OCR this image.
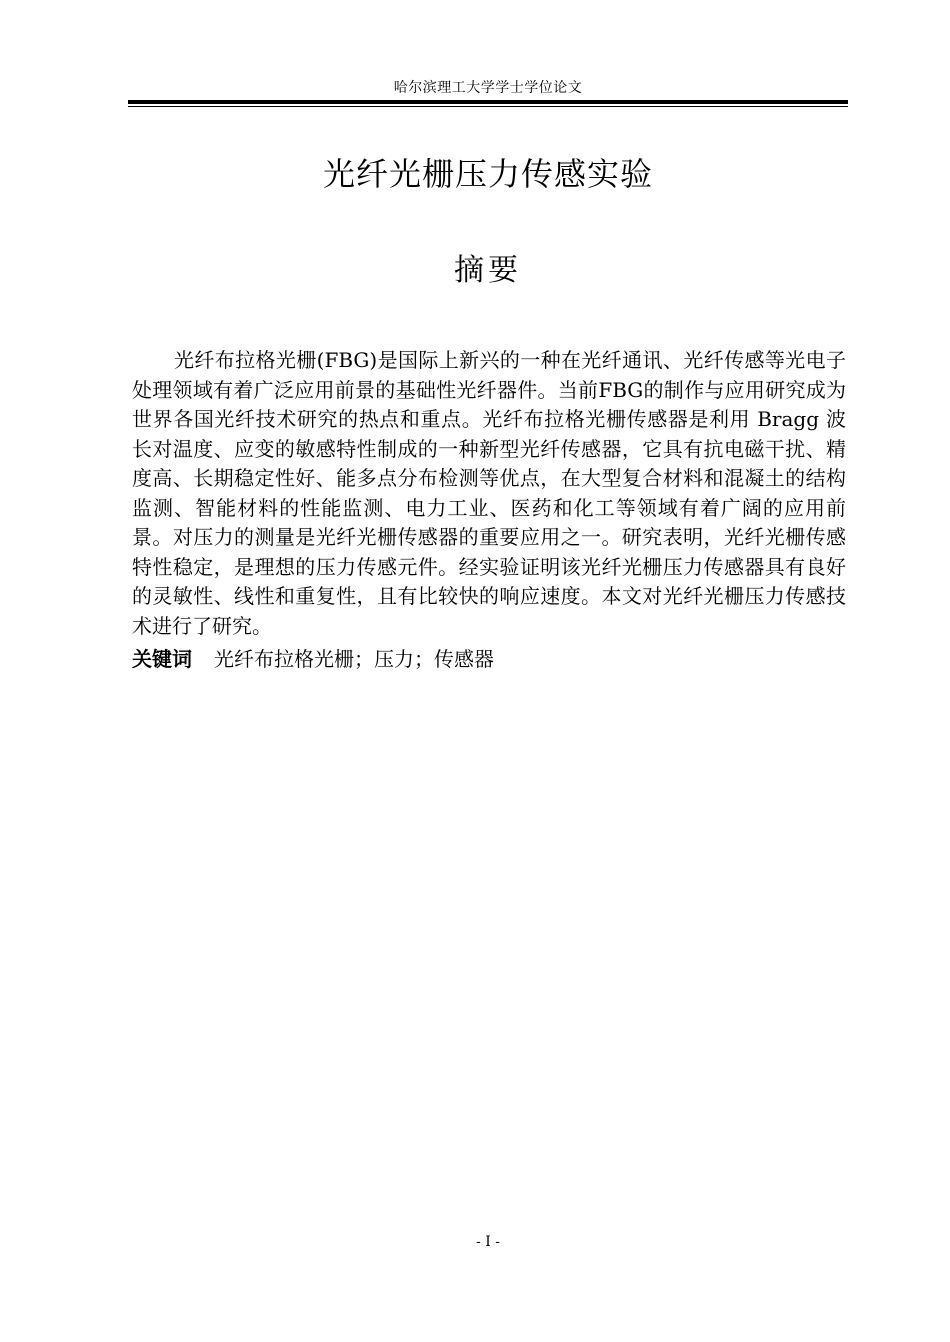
哈尔滨理工大学学士学位论文
光纤光栅压力传感实验
摘要

光纤布拉格光栅(FBG)是国际上新兴的一种在光纤通讯、光纤传感等光电子处理领域有着广泛应用前景的基础性光纤器件。当前FBG的制作与应用研究成为世界各国光纤技术研究的热点和重点。光纤布拉格光栅传感器是利用 Bragg 波长对温度、应变的敏感特性制成的一种新型光纤传感器，它具有抗电磁干扰、精度高、长期稳定性好、能多点分布检测等优点，在大型复合材料和混凝土的结构监测、智能材料的性能监测、电力工业、医药和化工等领域有着广阔的应用前景。对压力的测量是光纤光栅传感器的重要应用之一。研究表明，光纤光栅传感特性稳定，是理想的压力传感元件。经实验证明该光纤光栅压力传感器具有良好的灵敏性、线性和重复性，且有比较快的响应速度。本文对光纤光栅压力传感技术进行了研究。

关键词 光纤布拉格光栅；压力；传感器
- I -
